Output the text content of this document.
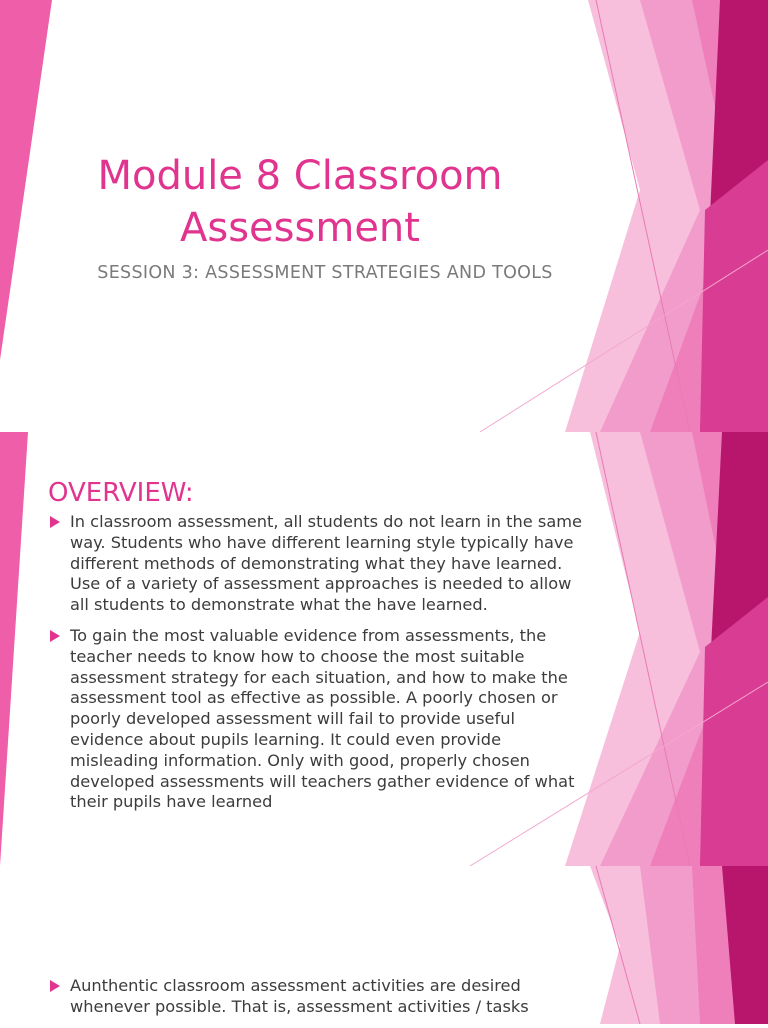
Module 8 Classroom Assessment

SESSION 3: ASSESSMENT STRATEGIES AND TOOLS

OVERVIEW:
In classroom assessment, all students do not learn in the same way. Students who have different learning style typically have different methods of demonstrating what they have learned. Use of a variety of assessment approaches is needed to allow all students to demonstrate what the have learned.
To gain the most valuable evidence from assessments, the teacher needs to know how to choose the most suitable assessment strategy for each situation, and how to make the assessment tool as effective as possible. A poorly chosen or poorly developed assessment will fail to provide useful evidence about pupils learning. It could even provide misleading information. Only with good, properly chosen developed assessments will teachers gather evidence of what their pupils have learned
Aunthentic classroom assessment activities are desired whenever possible. That is, assessment activities / tasks
